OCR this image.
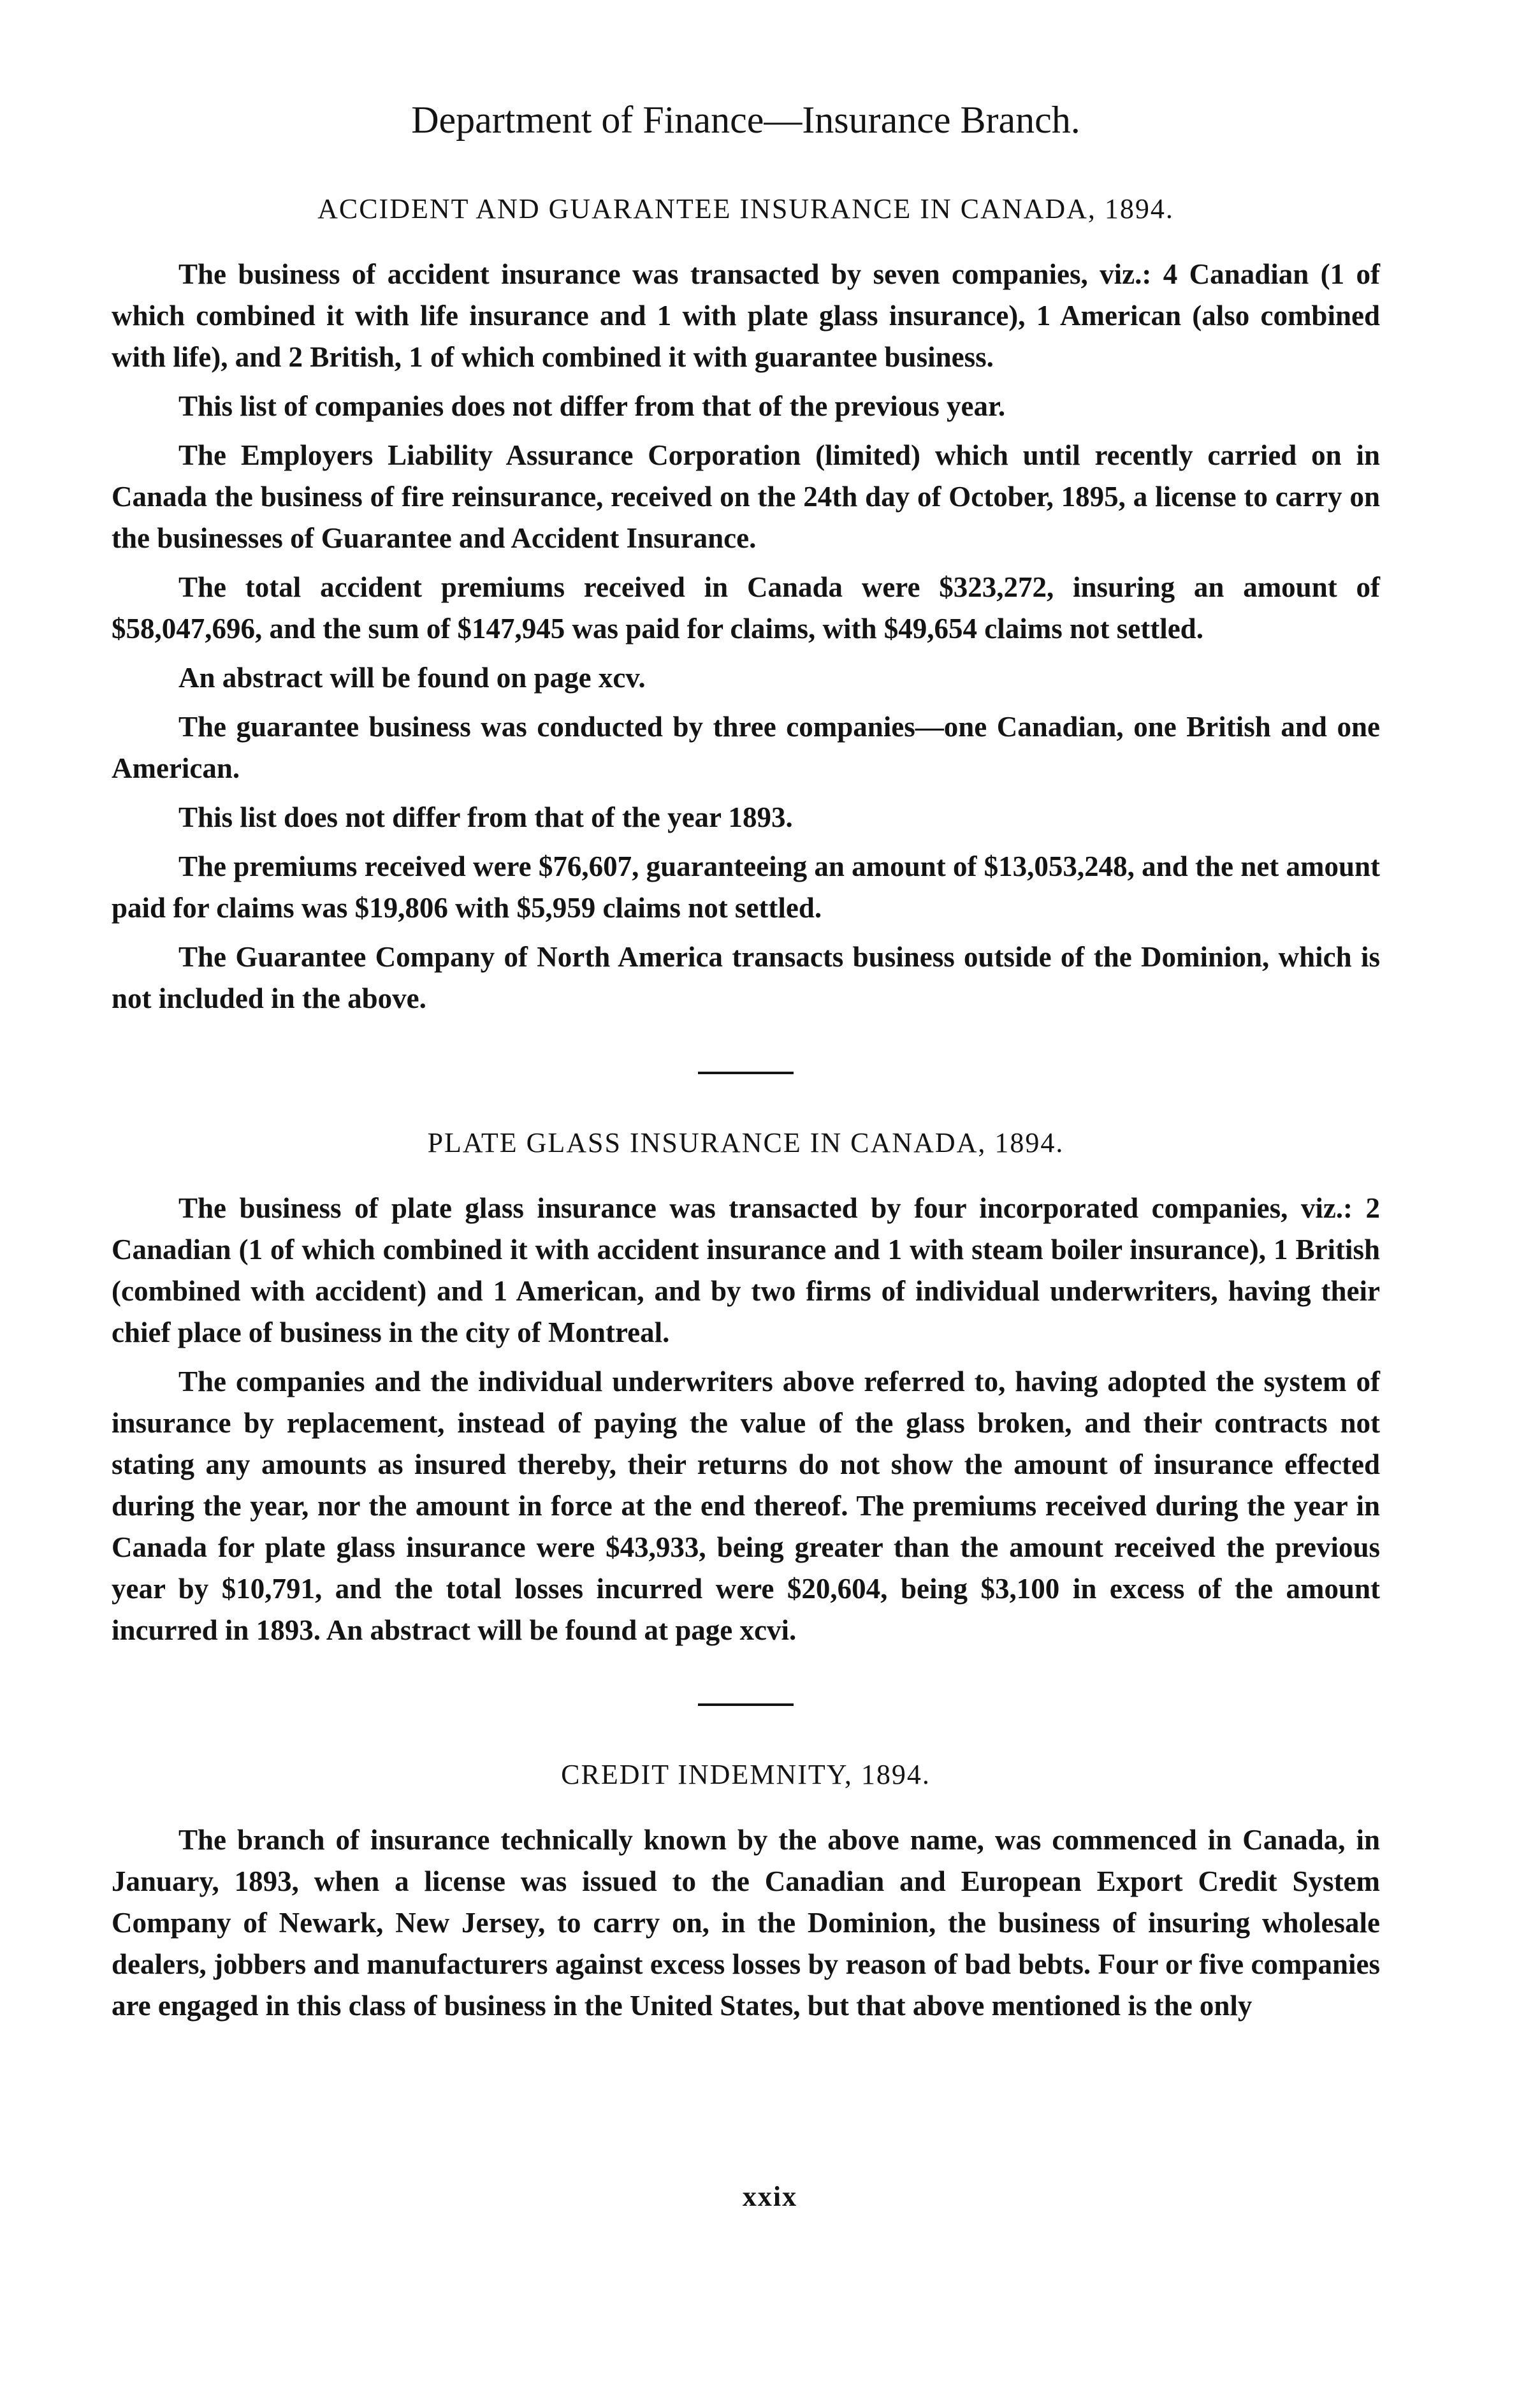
Department of Finance—Insurance Branch.
ACCIDENT AND GUARANTEE INSURANCE IN CANADA, 1894.

The business of accident insurance was transacted by seven companies, viz.: 4 Canadian (1 of which combined it with life insurance and 1 with plate glass insurance), 1 American (also combined with life), and 2 British, 1 of which combined it with guarantee business.

This list of companies does not differ from that of the previous year.

The Employers Liability Assurance Corporation (limited) which until recently carried on in Canada the business of fire reinsurance, received on the 24th day of October, 1895, a license to carry on the businesses of Guarantee and Accident Insurance.

The total accident premiums received in Canada were $323,272, insuring an amount of $58,047,696, and the sum of $147,945 was paid for claims, with $49,654 claims not settled.

An abstract will be found on page xcv.

The guarantee business was conducted by three companies—one Canadian, one British and one American.

This list does not differ from that of the year 1893.

The premiums received were $76,607, guaranteeing an amount of $13,053,248, and the net amount paid for claims was $19,806 with $5,959 claims not settled.

The Guarantee Company of North America transacts business outside of the Dominion, which is not included in the above.

PLATE GLASS INSURANCE IN CANADA, 1894.

The business of plate glass insurance was transacted by four incorporated companies, viz.: 2 Canadian (1 of which combined it with accident insurance and 1 with steam boiler insurance), 1 British (combined with accident) and 1 American, and by two firms of individual underwriters, having their chief place of business in the city of Montreal.

The companies and the individual underwriters above referred to, having adopted the system of insurance by replacement, instead of paying the value of the glass broken, and their contracts not stating any amounts as insured thereby, their returns do not show the amount of insurance effected during the year, nor the amount in force at the end thereof. The premiums received during the year in Canada for plate glass insurance were $43,933, being greater than the amount received the previous year by $10,791, and the total losses incurred were $20,604, being $3,100 in excess of the amount incurred in 1893. An abstract will be found at page xcvi.

CREDIT INDEMNITY, 1894.

The branch of insurance technically known by the above name, was commenced in Canada, in January, 1893, when a license was issued to the Canadian and European Export Credit System Company of Newark, New Jersey, to carry on, in the Dominion, the business of insuring wholesale dealers, jobbers and manufacturers against excess losses by reason of bad bebts. Four or five companies are engaged in this class of business in the United States, but that above mentioned is the only

xxix
